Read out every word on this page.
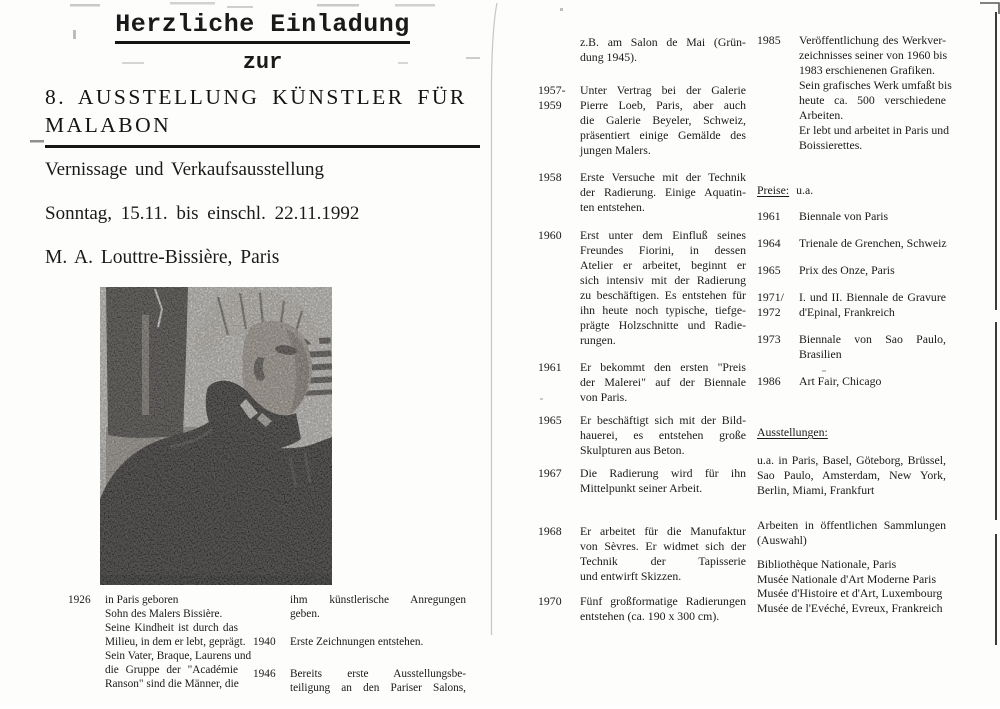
Herzliche Einladung
zur
8. AUSSTELLUNG KÜNSTLER FÜR
MALABON
Vernissage und Verkaufsausstellung
Sonntag, 15.11. bis einschl. 22.11.1992
M. A. Louttre-Bissière, Paris
1926	in Paris geboren
Sohn des Malers Bissière.
Seine Kindheit ist durch das
Milieu, in dem er lebt, geprägt.
Sein Vater, Braque, Laurens und
die Gruppe der "Académie
Ranson" sind die Männer, die
ihm künstlerische Anregungen
geben.
1940	Erste Zeichnungen entstehen.
1946	Bereits erste Ausstellungsbe-
teiligung an den Pariser Salons,
z.B. am Salon de Mai (Grün-
dung 1945).
1957-
1959
Unter Vertrag bei der Galerie
Pierre Loeb, Paris, aber auch
die Galerie Beyeler, Schweiz,
präsentiert einige Gemälde des
jungen Malers.
1958	Erste Versuche mit der Technik
der Radierung. Einige Aquatin-
ten entstehen.
1960	Erst unter dem Einfluß seines
Freundes Fiorini, in dessen
Atelier er arbeitet, beginnt er
sich intensiv mit der Radierung
zu beschäftigen. Es entstehen für
ihn heute noch typische, tiefge-
prägte Holzschnitte und Radie-
rungen.
1961	Er bekommt den ersten "Preis
der Malerei" auf der Biennale
von Paris.
1965	Er beschäftigt sich mit der Bild-
hauerei, es entstehen große
Skulpturen aus Beton.
1967	Die Radierung wird für ihn
Mittelpunkt seiner Arbeit.
1968	Er arbeitet für die Manufaktur
von Sèvres. Er widmet sich der
Technik der Tapisserie
und entwirft Skizzen.
1970	Fünf großformatige Radierungen
entstehen (ca. 190 x 300 cm).
1985	Veröffentlichung des Werkver-
zeichnisses seiner von 1960 bis
1983 erschienenen Grafiken.
Sein grafisches Werk umfaßt bis
heute ca. 500 verschiedene
Arbeiten.
Er lebt und arbeitet in Paris und
Boissierettes.
Preise: u.a.
1961	Biennale von Paris
1964	Trienale de Grenchen, Schweiz
1965	Prix des Onze, Paris
1971/
1972
I. und II. Biennale de Gravure
d'Epinal, Frankreich
1973	Biennale von Sao Paulo,
Brasilien
1986	Art Fair, Chicago
Ausstellungen:
u.a. in Paris, Basel, Göteborg, Brüssel,
Sao Paulo, Amsterdam, New York,
Berlin, Miami, Frankfurt
Arbeiten in öffentlichen Sammlungen
(Auswahl)
Bibliothèque Nationale, Paris
Musée Nationale d'Art Moderne Paris
Musée d'Histoire et d'Art, Luxembourg
Musée de l'Evéché, Evreux, Frankreich
